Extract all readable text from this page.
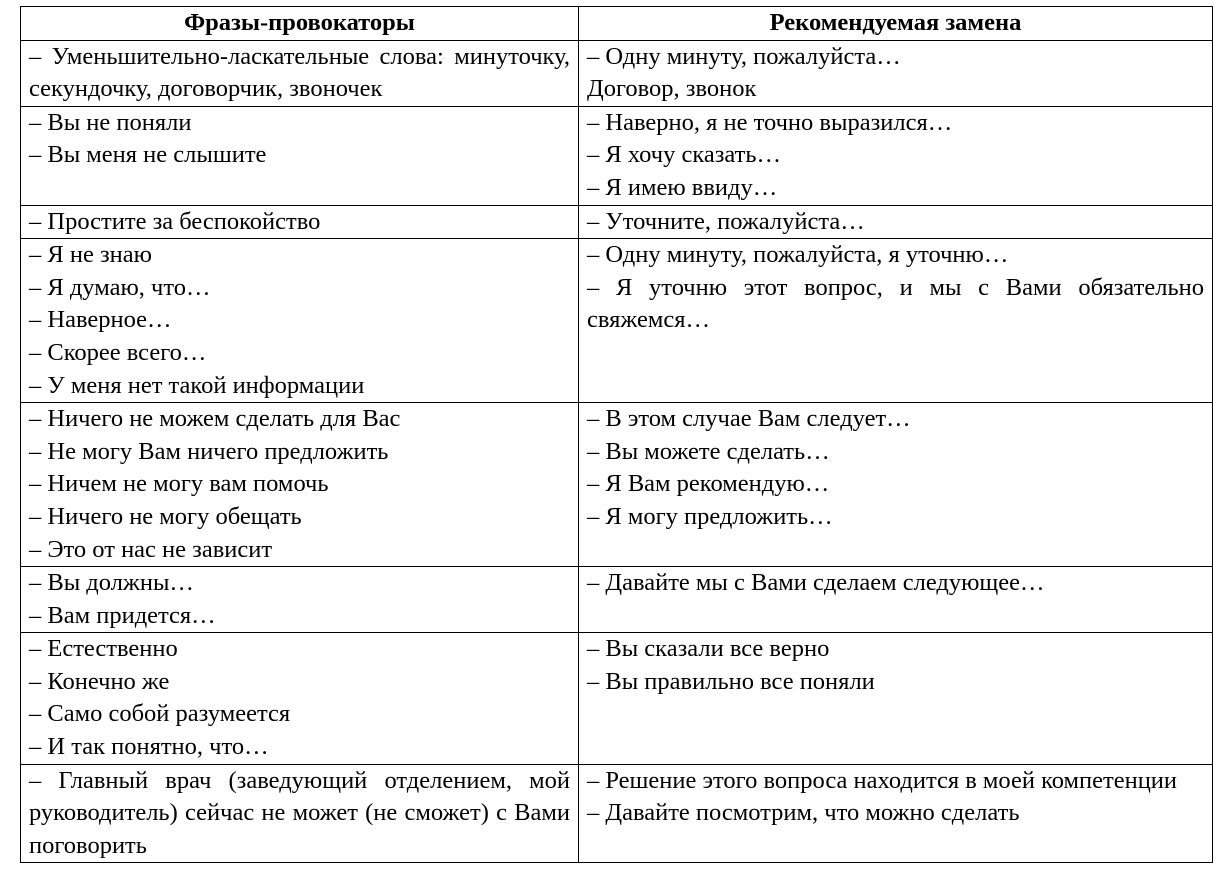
Фразы-провокаторы	Рекомендуемая замена

– Уменьшительно-ласкательные слова: минуточку, секундочку, договорчик, звоночек	– Одну минуту, пожалуйста…
Договор, звонок

– Вы не поняли
– Вы меня не слышите	– Наверно, я не точно выразился…
– Я хочу сказать…
– Я имею ввиду…

– Простите за беспокойство	– Уточните, пожалуйста…

– Я не знаю
– Я думаю, что…
– Наверное…
– Скорее всего…
– У меня нет такой информации	– Одну минуту, пожалуйста, я уточню…
– Я уточню этот вопрос, и мы с Вами обязательно свяжемся…

– Ничего не можем сделать для Вас
– Не могу Вам ничего предложить
– Ничем не могу вам помочь
– Ничего не могу обещать
– Это от нас не зависит	– В этом случае Вам следует…
– Вы можете сделать…
– Я Вам рекомендую…
– Я могу предложить…

– Вы должны…
– Вам придется…	– Давайте мы с Вами сделаем следующее…

– Естественно
– Конечно же
– Само собой разумеется
– И так понятно, что…	– Вы сказали все верно
– Вы правильно все поняли

– Главный врач (заведующий отделением, мой руководитель) сейчас не может (не сможет) с Вами поговорить	– Решение этого вопроса находится в моей компетенции
– Давайте посмотрим, что можно сделать
